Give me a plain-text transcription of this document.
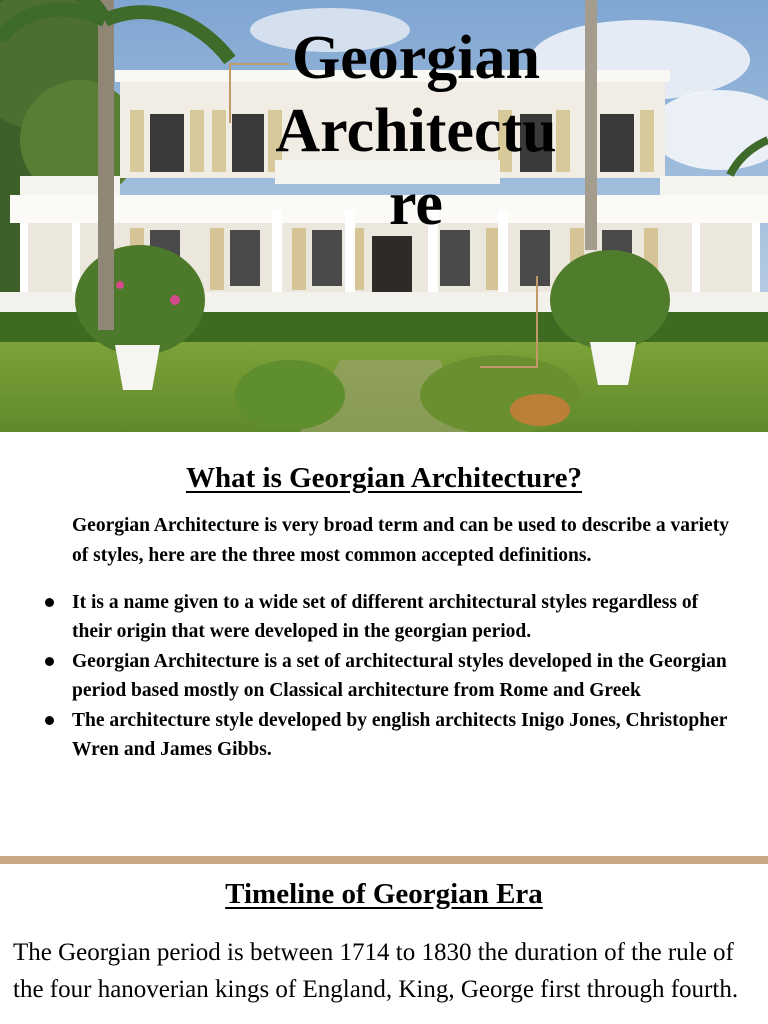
Georgian Architectu re
What is Georgian Architecture?

Georgian Architecture is very broad term and can be used to describe a variety of styles, here are the three most common accepted definitions.

It is a name given to a wide set of different architectural styles regardless of their origin that were developed in the georgian period.
Georgian Architecture is a set of architectural styles developed in the Georgian period based mostly on Classical architecture from Rome and Greek
The architecture style developed by english architects Inigo Jones, Christopher Wren and James Gibbs.
Timeline of Georgian Era

The Georgian period is between 1714 to 1830 the duration of the rule of the four hanoverian kings of England, King, George first through fourth.
